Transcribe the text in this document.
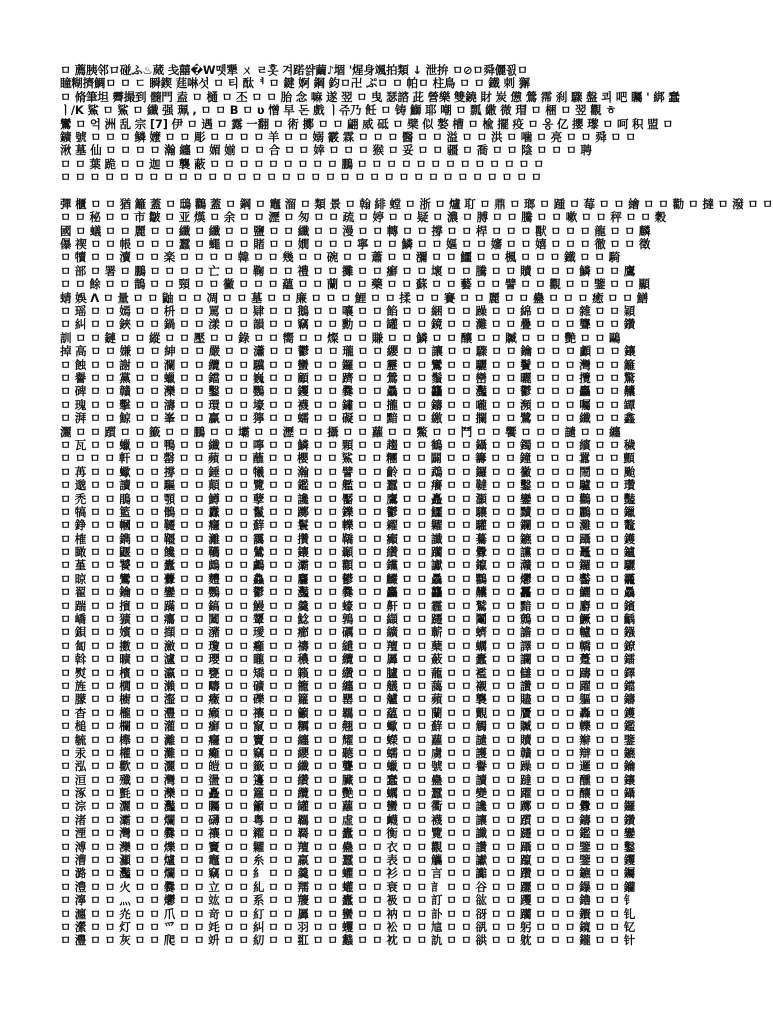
ㅁ 薦胰邻ロ碰ふ♨蒇 戋囍�W뗏犟 ㄨ ㄹ홋 겨蹃쌹繭♪堌 '煋身颯拍類 ↓ 泄拚 ㅁ⊘ㅁ舜儷꾌ㅁ
瞳糊擠鯛ㅁ ㅁ ㄷ 瞬鍥 莛啉섯 ㅁ 티 酞ᅧ ㅁ 鍵 婀 鋼 鈞ㅁ卍 ぷㅁ ㅁ 帕ㅁ 柱鳥 ㅁ ㅁ 鐵 刺 獬
ㅁ 脩筆坦 霽撮到 髓門 盍 ㅁ 樋 ㅁ 丕 ㅁ ㅁ 胎 念 嘛 遂 翌 ㅁ 曳 瑟諮 茈 營樂 雙鐃 財 炭 憊 鶯 霈 刹 驟 盤 쾨 吧 矚 ' 綁 蠢
ㅣ/K 鯊 ㅁ 鯊 ㅁ 纖 强 珮 , ㅁ ㅁ B ㅁ ʋ 憎 早 돈 戲 ㅣ쥬乃 飪 ㅁ 铸 鰤 耶 嘲 ㅁ 瓢 繖 微 瑁 ㅁ 梱 ㅁ 翌 觀 ㅎ
鸞 ㅁ 억 洲 乱 宗 [7] 伊 ㅁ 遇 ㅁ 露 一翻 ㅁ 術 擲 ㅁ ㅁ 翩 威 砥 ㅁ 檗 似 嫯 槽 ㅁ 楡 擺 疫 ㅁ 옹 亿 攖 瓈 ㅁ 呵 积 盟 ㅁ
鑛 號 ㅁ ㅁ ㅁ 鳞 嬤 ㅁ ㅁ 彫 ㅁ ㅁ ㅁ ㅁ 羊 ㅁ ㅁ 嫋 霰 霖 ㅁ ㅁ ㅁ 醫 ㅁ ㅁ 溢 ㅁ ㅁ 洪 ㅁ 噛 ㅁ 亮 ㅁ ㅁ 舜 ㅁ ㅁ
湫 墓 仙 ㅁ ㅁ ㅁ ㅁ 瀚 纏 ㅁ 媚 媊 ㅁ ㅁ 合 ㅁ ㅁ 婞 ㅁ ㅁ ㅁ 猴 ㅁ 妥 ㅁ ㅁ 疆 ㅁ 喬 ㅁ ㅁ 陰 ㅁ ㅁ ㅁ 聘
ㅁ ㅁ 葉 跪 ㅁ ㅁ 迦 ㅁ 襲 蔽 ㅁ ㅁ ㅁ ㅁ ㅁ ㅁ ㅁ ㅁ ㅁ 鵬 ㅁ ㅁ ㅁ ㅁ ㅁ ㅁ ㅁ ㅁ ㅁ ㅁ ㅁ ㅁ ㅁ
ㅁ ㅁ ㅁ ㅁ ㅁ ㅁ ㅁ ㅁ ㅁ ㅁ ㅁ ㅁ ㅁ ㅁ ㅁ ㅁ ㅁ ㅁ ㅁ ㅁ ㅁ ㅁ ㅁ ㅁ ㅁ ㅁ ㅁ ㅁ ㅁ ㅁ ㅁ ㅁ ㅁ
彈 櫃 ㅁ ㅁ 猶 籬 蓋 ㅁ 鴟 鸛 蓋 ㅁ 鋼 ㅁ 竈 溜 ㅁ 類 景 ㅁ 翰 緋 螳 ㅁ 浙 ㅁ 爐 耵 ㅁ 鼎 ㅁ 瑯 ㅁ 踵 ㅁ 莓 ㅁ ㅁ 繪 ㅁ ㅁ 勸 ㅁ 撻 ㅁ 潑 ㅁ ㅁ
ㅁ ㅁ 秘 ㅁ ㅁ 市 皺 ㅁ 亚 熯 ㅁ 余 ㅁ ㅁ 瀝 ㅁ 匆 ㅁ ㅁ 疏 ㅁ 婷 ㅁ ㅁ 疑 ㅁ 濃 ㅁ 膊 ㅁ ㅁ 騰 ㅁ ㅁ 嗽 ㅁ ㅁ 秤 ㅁ ㅁ 穀
國 ㅁ 蟻 ㅁ ㅁ 麗 ㅁ ㅁ 纖 ㅁ 纖 ㅁ ㅁ 鹽 ㅁ ㅁ 纖 ㅁ ㅁ 漫 ㅁ ㅁ 轉 ㅁ ㅁ 撐 ㅁ ㅁ 桿 ㅁ ㅁ ㅁ 獸 ㅁ ㅁ ㅁ 龍 ㅁ ㅁ 麟
儤 禊 ㅁ ㅁ 帳 ㅁ ㅁ ㅁ 蠶 ㅁ 蠅 ㅁ ㅁ 賭 ㅁ ㅁ 嫺 ㅁ ㅁ ㅁ 寧 ㅁ ㅁ 鱗 ㅁ ㅁ 嫗 ㅁ ㅁ 嬸 ㅁ ㅁ 嬉 ㅁ ㅁ ㅁ 徹 ㅁ ㅁ 徵
ㅁ 犢 ㅁ ㅁ 瀆 ㅁ ㅁ 楽 ㅁ ㅁ ㅁ ㅁ 韓 ㅁ ㅁ 幾 ㅁ ㅁ 碗 ㅁ ㅁ 蕭 ㅁ ㅁ 瀰 ㅁ ㅁ 鱷 ㅁ ㅁ 楓 ㅁ ㅁ ㅁ 鐵 ㅁ ㅁ 騎
ㅁ 部 ㅁ 署 ㅁ 鵬 ㅁ ㅁ ㅁ ㅁ 亡 ㅁ ㅁ 鞠 ㅁ ㅁ 禮 ㅁ ㅁ 攤 ㅁ ㅁ 癬 ㅁ ㅁ 壞 ㅁ ㅁ 騰 ㅁ ㅁ 贖 ㅁ ㅁ ㅁ 鱗 ㅁ ㅁ 鷹
ㅁ ㅁ 餘 ㅁ ㅁ 鵲 ㅁ ㅁ 頸 ㅁ ㅁ 黴 ㅁ ㅁ ㅁ 蘊 ㅁ ㅁ 蘭 ㅁ ㅁ 藥 ㅁ ㅁ 蘇 ㅁ ㅁ 藝 ㅁ ㅁ 譬 ㅁ ㅁ 觀 ㅁ ㅁ 鑒 ㅁ ㅁ 顯
蜻 娛 Λ ㅁ 量 ㅁ ㅁ 鼬 ㅁ ㅁ 凋 ㅁ ㅁ 墓 ㅁ ㅁ 廉 ㅁ ㅁ ㅁ 鯉 ㅁ ㅁ 揉 ㅁ ㅁ 賽 ㅁ ㅁ 麗 ㅁ ㅁ 蠱 ㅁ ㅁ ㅁ 癒 ㅁ ㅁ 鱔
ㅁ 瑶 ㅁ ㅁ 嫣 ㅁ ㅁ 枡 ㅁ ㅁ 罵 ㅁ ㅁ 肄 ㅁ ㅁ 鵝 ㅁ ㅁ 嚷 ㅁ ㅁ 餡 ㅁ ㅁ 綑 ㅁ ㅁ 躁 ㅁ ㅁ 綿 ㅁ ㅁ ㅁ 雜 ㅁ ㅁ 穎
ㅁ 糾 ㅁ ㅁ 鋏 ㅁ ㅁ 鍋 ㅁ ㅁ 漾 ㅁ ㅁ 韻 ㅁ ㅁ 竊 ㅁ ㅁ 勳 ㅁ ㅁ 罐 ㅁ ㅁ 鏡 ㅁ ㅁ 灘 ㅁ ㅁ 疊 ㅁ ㅁ ㅁ 聾 ㅁ ㅁ 鑽
訓 ㅁ ㅁ 鏈 ㅁ ㅁ 縱 ㅁ ㅁ 壓 ㅁ ㅁ 錄 ㅁ ㅁ 嚮 ㅁ ㅁ 燦 ㅁ ㅁ 賺 ㅁ ㅁ 鱗 ㅁ ㅁ 釀 ㅁ ㅁ 贓 ㅁ ㅁ ㅁ 艷 ㅁ ㅁ 鷗
掉 高 ㅁ ㅁ 嫌 ㅁ ㅁ 紳 ㅁ ㅁ 嚴 ㅁ ㅁ 瀟 ㅁ ㅁ 鬱 ㅁ ㅁ 瓏 ㅁ ㅁ 纓 ㅁ ㅁ 讓 ㅁ ㅁ 驟 ㅁ ㅁ 鑰 ㅁ ㅁ ㅁ 顱 ㅁ ㅁ 鑲
ㅁ 蝕 ㅁ ㅁ 謝 ㅁ ㅁ 瀾 ㅁ ㅁ 纜 ㅁ ㅁ 驥 ㅁ ㅁ 蠻 ㅁ ㅁ 鑼 ㅁ ㅁ 靂 ㅁ ㅁ 鸞 ㅁ ㅁ 驪 ㅁ ㅁ 鬢 ㅁ ㅁ ㅁ 灣 ㅁ ㅁ 籬
ㅁ 譽 ㅁ ㅁ 黨 ㅁ ㅁ 蠟 ㅁ ㅁ 鐺 ㅁ ㅁ 巍 ㅁ ㅁ 顧 ㅁ ㅁ 躋 ㅁ ㅁ 鶯 ㅁ ㅁ 鬚 ㅁ ㅁ 巒 ㅁ ㅁ 曬 ㅁ ㅁ ㅁ 攬 ㅁ ㅁ 驚
ㅁ 碑 ㅁ ㅁ 贛 ㅁ ㅁ 灤 ㅁ ㅁ 鑿 ㅁ ㅁ 鸚 ㅁ ㅁ 钁 ㅁ ㅁ 爨 ㅁ ㅁ 驫 ㅁ ㅁ 龘 ㅁ ㅁ 灩 ㅁ ㅁ 鬱 ㅁ ㅁ ㅁ 麤 ㅁ ㅁ 齉
ㅁ 瑰 ㅁ ㅁ 擊 ㅁ ㅁ 濤 ㅁ ㅁ 環 ㅁ ㅁ 壕 ㅁ ㅁ 襪 ㅁ ㅁ 鏽 ㅁ ㅁ 攏 ㅁ ㅁ 鑄 ㅁ ㅁ 嚨 ㅁ ㅁ 瀕 ㅁ ㅁ ㅁ 囑 ㅁ ㅁ 罈
ㅁ 湃 ㅁ ㅁ 鯨 ㅁ ㅁ 峯 ㅁ ㅁ 贏 ㅁ ㅁ 獰 ㅁ ㅁ 蠕 ㅁ ㅁ 礙 ㅁ ㅁ 黯 ㅁ ㅁ 繳 ㅁ ㅁ 攔 ㅁ ㅁ 鷺 ㅁ ㅁ ㅁ 纖 ㅁ ㅁ 鑫
灑 ㅁ ㅁ 躓 ㅁ ㅁ 籤 ㅁ ㅁ 鵬 ㅁ ㅁ 壩 ㅁ ㅁ 瀝 ㅁ ㅁ 攝 ㅁ ㅁ 蘿 ㅁ ㅁ 鱉 ㅁ ㅁ 鬥 ㅁ ㅁ 饗 ㅁ ㅁ ㅁ 譴 ㅁ ㅁ 纏
ㅁ 瓦 ㅁ ㅁ 蠟 ㅁ ㅁ 鴨 ㅁ ㅁ 纖 ㅁ ㅁ 嚀 ㅁ ㅁ 鱗 ㅁ ㅁ 顆 ㅁ ㅁ 趨 ㅁ ㅁ 鶴 ㅁ ㅁ 鑷 ㅁ ㅁ 鐲 ㅁ ㅁ ㅁ 繽 ㅁ ㅁ 穢
ㅁ ㅁ ㅁ ㅁ 軒 ㅁ ㅁ 罄 ㅁ ㅁ 蘋 ㅁ ㅁ 蘸 ㅁ ㅁ 櫻 ㅁ ㅁ 鯊 ㅁ ㅁ 糰 ㅁ ㅁ 闢 ㅁ ㅁ 籌 ㅁ ㅁ 鐘 ㅁ ㅁ ㅁ 囂 ㅁ ㅁ 顫
ㅁ 苒 ㅁ ㅁ 蠍 ㅁ ㅁ 撐 ㅁ ㅁ 錘 ㅁ ㅁ 犧 ㅁ ㅁ 瀚 ㅁ ㅁ 譬 ㅁ ㅁ 齡 ㅁ ㅁ 鵡 ㅁ ㅁ 鑼 ㅁ ㅁ 黴 ㅁ ㅁ ㅁ 鬧 ㅁ ㅁ 颱
ㅁ 邈 ㅁ ㅁ 讀 ㅁ ㅁ 驅 ㅁ ㅁ 顛 ㅁ ㅁ 覽 ㅁ ㅁ 鑑 ㅁ ㅁ 艦 ㅁ ㅁ 蠶 ㅁ ㅁ 癢 ㅁ ㅁ 韃 ㅁ ㅁ 鑿 ㅁ ㅁ ㅁ 驢 ㅁ ㅁ 瓚
ㅁ 禿 ㅁ ㅁ 鵑 ㅁ ㅁ 顎 ㅁ ㅁ 鱒 ㅁ ㅁ 孽 ㅁ ㅁ 讒 ㅁ ㅁ 靨 ㅁ ㅁ 鷹 ㅁ ㅁ 矗 ㅁ ㅁ 灝 ㅁ ㅁ 鑾 ㅁ ㅁ ㅁ 鸛 ㅁ ㅁ 豔
ㅁ 犒 ㅁ ㅁ 籃 ㅁ ㅁ 鶻 ㅁ ㅁ 纛 ㅁ ㅁ 鬣 ㅁ ㅁ 躑 ㅁ ㅁ 鑠 ㅁ ㅁ 鬱 ㅁ ㅁ 鱷 ㅁ ㅁ 驤 ㅁ ㅁ 黷 ㅁ ㅁ ㅁ 鸝 ㅁ ㅁ 鑞
ㅁ 錚 ㅁ ㅁ 幗 ㅁ ㅁ 韆 ㅁ ㅁ 癮 ㅁ ㅁ 蘚 ㅁ ㅁ 鬟 ㅁ ㅁ 轢 ㅁ ㅁ 糴 ㅁ ㅁ 糶 ㅁ ㅁ 驩 ㅁ ㅁ 鑭 ㅁ ㅁ ㅁ 灘 ㅁ ㅁ 鼇
ㅁ 榷 ㅁ ㅁ 鐫 ㅁ ㅁ 韁 ㅁ ㅁ 灕 ㅁ ㅁ 靄 ㅁ ㅁ 攢 ㅁ ㅁ 鞽 ㅁ ㅁ 癲 ㅁ ㅁ 讖 ㅁ ㅁ 驀 ㅁ ㅁ 鑣 ㅁ ㅁ ㅁ 躡 ㅁ ㅁ 鑊
ㅁ 瞰 ㅁ ㅁ 鼴 ㅁ ㅁ 饞 ㅁ ㅁ 韉 ㅁ ㅁ 鷥 ㅁ ㅁ 鑲 ㅁ ㅁ 顳 ㅁ ㅁ 纘 ㅁ ㅁ 躪 ㅁ ㅁ 釁 ㅁ ㅁ 讜 ㅁ ㅁ ㅁ 鼉 ㅁ ㅁ 鑪
ㅁ 堇 ㅁ ㅁ 饕 ㅁ ㅁ 蠹 ㅁ ㅁ 鷓 ㅁ ㅁ 鸕 ㅁ ㅁ 灞 ㅁ ㅁ 顴 ㅁ ㅁ 钂 ㅁ ㅁ 讞 ㅁ ㅁ 鑹 ㅁ ㅁ 灨 ㅁ ㅁ ㅁ 鑼 ㅁ ㅁ 驪
ㅁ 晾 ㅁ ㅁ 鸞 ㅁ ㅁ 虋 ㅁ ㅁ 麷 ㅁ ㅁ 鱻 ㅁ ㅁ 麢 ㅁ ㅁ 鬰 ㅁ ㅁ 麣 ㅁ ㅁ 驫 ㅁ ㅁ 鸜 ㅁ ㅁ 爩 ㅁ ㅁ ㅁ 齾 ㅁ ㅁ 龗
ㅁ 翟 ㅁ ㅁ 鑰 ㅁ ㅁ 鑾 ㅁ ㅁ 鸚 ㅁ ㅁ 鬱 ㅁ ㅁ 灩 ㅁ ㅁ 爨 ㅁ ㅁ 麤 ㅁ ㅁ 龘 ㅁ ㅁ 齉 ㅁ ㅁ 靐 ㅁ ㅁ ㅁ 鱺 ㅁ ㅁ 驫
ㅁ 踹 ㅁ ㅁ 擯 ㅁ ㅁ 蹣 ㅁ ㅁ 鎬 ㅁ ㅁ 鰻 ㅁ ㅁ 羹 ㅁ ㅁ 蠔 ㅁ ㅁ 鼾 ㅁ ㅁ 霾 ㅁ ㅁ 鷲 ㅁ ㅁ 黯 ㅁ ㅁ ㅁ 麝 ㅁ ㅁ 鑌
ㅁ 嶠 ㅁ ㅁ 獷 ㅁ ㅁ 癟 ㅁ ㅁ 闔 ㅁ ㅁ 顰 ㅁ ㅁ 鯰 ㅁ ㅁ 鶉 ㅁ ㅁ 纈 ㅁ ㅁ 躚 ㅁ ㅁ 鬮 ㅁ ㅁ 鷯 ㅁ ㅁ ㅁ 鱖 ㅁ ㅁ 齲
ㅁ 鋇 ㅁ ㅁ 嬪 ㅁ ㅁ 擷 ㅁ ㅁ 瀦 ㅁ ㅁ 璦 ㅁ ㅁ 癤 ㅁ ㅁ 礪 ㅁ ㅁ 纊 ㅁ ㅁ 蘄 ㅁ ㅁ 蠐 ㅁ ㅁ 譫 ㅁ ㅁ ㅁ 轤 ㅁ ㅁ 鏹
ㅁ 匐 ㅁ ㅁ 擻 ㅁ ㅁ 瀲 ㅁ ㅁ 瓊 ㅁ ㅁ 癰 ㅁ ㅁ 禱 ㅁ ㅁ 繾 ㅁ ㅁ 羶 ㅁ ㅁ 蘖 ㅁ ㅁ 蠣 ㅁ ㅁ 譯 ㅁ ㅁ ㅁ 轎 ㅁ ㅁ 鐐
ㅁ 斡 ㅁ ㅁ 曠 ㅁ ㅁ 瀘 ㅁ ㅁ 瓔 ㅁ ㅁ 矓 ㅁ ㅁ 穠 ㅁ ㅁ 纜 ㅁ ㅁ 羼 ㅁ ㅁ 蘞 ㅁ ㅁ 蠹 ㅁ ㅁ 讕 ㅁ ㅁ ㅁ 躉 ㅁ ㅁ 鐳
ㅁ 熨 ㅁ ㅁ 檳 ㅁ ㅁ 瀛 ㅁ ㅁ 甕 ㅁ ㅁ 矯 ㅁ ㅁ 籟 ㅁ ㅁ 纘 ㅁ ㅁ 臚 ㅁ ㅁ 蘢 ㅁ ㅁ 襤 ㅁ ㅁ 讎 ㅁ ㅁ ㅁ 躊 ㅁ ㅁ 鐸
ㅁ 旌 ㅁ ㅁ 櫚 ㅁ ㅁ 瀨 ㅁ ㅁ 疇 ㅁ ㅁ 礦 ㅁ ㅁ 籠 ㅁ ㅁ 纏 ㅁ ㅁ 艤 ㅁ ㅁ 藹 ㅁ ㅁ 襯 ㅁ ㅁ 讚 ㅁ ㅁ ㅁ 躍 ㅁ ㅁ 鐺
ㅁ 朦 ㅁ ㅁ 櫥 ㅁ ㅁ 瀣 ㅁ ㅁ 癥 ㅁ ㅁ 礫 ㅁ ㅁ 籮 ㅁ ㅁ 罌 ㅁ ㅁ 艫 ㅁ ㅁ 蘋 ㅁ ㅁ 襲 ㅁ ㅁ 贐 ㅁ ㅁ ㅁ 軀 ㅁ ㅁ 鑄
ㅁ 杳 ㅁ ㅁ 櫳 ㅁ ㅁ 灃 ㅁ ㅁ 癩 ㅁ ㅁ 禳 ㅁ ㅁ 籲 ㅁ ㅁ 羈 ㅁ ㅁ 蘊 ㅁ ㅁ 蘭 ㅁ ㅁ 覿 ㅁ ㅁ 贗 ㅁ ㅁ ㅁ 轟 ㅁ ㅁ 鑊
ㅁ 槌 ㅁ ㅁ 欄 ㅁ ㅁ 灌 ㅁ ㅁ 癬 ㅁ ㅁ 竄 ㅁ ㅁ 糲 ㅁ ㅁ 翹 ㅁ ㅁ 蠍 ㅁ ㅁ 蘚 ㅁ ㅁ 觸 ㅁ ㅁ 贓 ㅁ ㅁ ㅁ 轢 ㅁ ㅁ 鑑
ㅁ 毓 ㅁ ㅁ 櫸 ㅁ ㅁ 灕 ㅁ ㅁ 癮 ㅁ ㅁ 竇 ㅁ ㅁ 纏 ㅁ ㅁ 耀 ㅁ ㅁ 蠑 ㅁ ㅁ 蘿 ㅁ ㅁ 譴 ㅁ ㅁ 贖 ㅁ ㅁ ㅁ 辮 ㅁ ㅁ 鑒
ㅁ 汞 ㅁ ㅁ 權 ㅁ ㅁ 灘 ㅁ ㅁ 癱 ㅁ ㅁ 竊 ㅁ ㅁ 纓 ㅁ ㅁ 聽 ㅁ ㅁ 蠕 ㅁ ㅁ 虜 ㅁ ㅁ 護 ㅁ ㅁ 贛 ㅁ ㅁ ㅁ 辯 ㅁ ㅁ 鑣
ㅁ 泓 ㅁ ㅁ 歡 ㅁ ㅁ 灑 ㅁ ㅁ 皚 ㅁ ㅁ 籤 ㅁ ㅁ 纖 ㅁ ㅁ 聾 ㅁ ㅁ 蠟 ㅁ ㅁ 號 ㅁ ㅁ 譽 ㅁ ㅁ 躁 ㅁ ㅁ ㅁ 邏 ㅁ ㅁ 鑰
ㅁ 洹 ㅁ ㅁ 殲 ㅁ ㅁ 灣 ㅁ ㅁ 盪 ㅁ ㅁ 籩 ㅁ ㅁ 纘 ㅁ ㅁ 臟 ㅁ ㅁ 蠢 ㅁ ㅁ 蠱 ㅁ ㅁ 讀 ㅁ ㅁ 躂 ㅁ ㅁ ㅁ 醺 ㅁ ㅁ 鑲
ㅁ 涿 ㅁ ㅁ 氈 ㅁ ㅁ 灤 ㅁ ㅁ 矗 ㅁ ㅁ 籮 ㅁ ㅁ 纜 ㅁ ㅁ 艷 ㅁ ㅁ 蠣 ㅁ ㅁ 蠶 ㅁ ㅁ 變 ㅁ ㅁ 躍 ㅁ ㅁ ㅁ 釀 ㅁ ㅁ 鑷
ㅁ 淙 ㅁ ㅁ 灑 ㅁ ㅁ 灩 ㅁ ㅁ 矚 ㅁ ㅁ 籲 ㅁ ㅁ 罐 ㅁ ㅁ 蘿 ㅁ ㅁ 蠻 ㅁ ㅁ 衢 ㅁ ㅁ 讒 ㅁ ㅁ 躑 ㅁ ㅁ ㅁ 釁 ㅁ ㅁ 鑼
ㅁ 渚 ㅁ ㅁ 灞 ㅁ ㅁ 爛 ㅁ ㅁ 礴 ㅁ ㅁ 粵 ㅁ ㅁ 羈 ㅁ ㅁ 虛 ㅁ ㅁ 衊 ㅁ ㅁ 襪 ㅁ ㅁ 讓 ㅁ ㅁ 躓 ㅁ ㅁ ㅁ 鑄 ㅁ ㅁ 鑽
ㅁ 湮 ㅁ ㅁ 灣 ㅁ ㅁ 爨 ㅁ ㅁ 禳 ㅁ ㅁ 糴 ㅁ ㅁ 羇 ㅁ ㅁ 蠹 ㅁ ㅁ 衡 ㅁ ㅁ 覽 ㅁ ㅁ 讖 ㅁ ㅁ 躚 ㅁ ㅁ ㅁ 鑑 ㅁ ㅁ 鑾
ㅁ 溥 ㅁ ㅁ 灤 ㅁ ㅁ 爍 ㅁ ㅁ 竇 ㅁ ㅁ 糶 ㅁ ㅁ 羶 ㅁ ㅁ 蠱 ㅁ ㅁ 衣 ㅁ ㅁ 觀 ㅁ ㅁ 讚 ㅁ ㅁ 躡 ㅁ ㅁ ㅁ 鑒 ㅁ ㅁ 鑿
ㅁ 漕 ㅁ ㅁ 灦 ㅁ ㅁ 爐 ㅁ ㅁ 竈 ㅁ ㅁ 糸 ㅁ ㅁ 羸 ㅁ ㅁ 蠶 ㅁ ㅁ 表 ㅁ ㅁ 觿 ㅁ ㅁ 讞 ㅁ ㅁ 躥 ㅁ ㅁ ㅁ 鑒 ㅁ ㅁ 钁
ㅁ 潞 ㅁ ㅁ 灩 ㅁ ㅁ 爛 ㅁ ㅁ 竊 ㅁ ㅁ 糹 ㅁ ㅁ 羹 ㅁ ㅁ 蠷 ㅁ ㅁ 衫 ㅁ ㅁ 言 ㅁ ㅁ 讟 ㅁ ㅁ 躦 ㅁ ㅁ ㅁ 鑣 ㅁ ㅁ 钃
ㅁ 澧 ㅁ ㅁ 火 ㅁ ㅁ 爨 ㅁ ㅁ 立 ㅁ ㅁ 糺 ㅁ ㅁ 羺 ㅁ ㅁ 蠸 ㅁ ㅁ 衰 ㅁ ㅁ 訁 ㅁ ㅁ 谷 ㅁ ㅁ 躧 ㅁ ㅁ ㅁ 鑤 ㅁ ㅁ 钄
ㅁ 濘 ㅁ ㅁ 灬 ㅁ ㅁ 爩 ㅁ ㅁ 竑 ㅁ ㅁ 系 ㅁ ㅁ 羻 ㅁ ㅁ 蠹 ㅁ ㅁ 衱 ㅁ ㅁ 訂 ㅁ ㅁ 谹 ㅁ ㅁ 躩 ㅁ ㅁ ㅁ 鑥 ㅁ ㅁ 钅
ㅁ 瀍 ㅁ ㅁ 灮 ㅁ ㅁ 爪 ㅁ ㅁ 竒 ㅁ ㅁ 糽 ㅁ ㅁ 羼 ㅁ ㅁ 蠻 ㅁ ㅁ 衲 ㅁ ㅁ 訃 ㅁ ㅁ 谺 ㅁ ㅁ 躪 ㅁ ㅁ ㅁ 鑦 ㅁ ㅁ 钆
ㅁ 瀠 ㅁ ㅁ 灯 ㅁ ㅁ 爫 ㅁ ㅁ 竓 ㅁ ㅁ 糾 ㅁ ㅁ 羽 ㅁ ㅁ 蠼 ㅁ ㅁ 衳 ㅁ ㅁ 訄 ㅁ ㅁ 谻 ㅁ ㅁ 躬 ㅁ ㅁ ㅁ 鑧 ㅁ ㅁ 钇
ㅁ 灃 ㅁ ㅁ 灰 ㅁ ㅁ 爬 ㅁ ㅁ 竔 ㅁ ㅁ 糿 ㅁ ㅁ 羾 ㅁ ㅁ 蠽 ㅁ ㅁ 衴 ㅁ ㅁ 訅 ㅁ ㅁ 谼 ㅁ ㅁ 躭 ㅁ ㅁ ㅁ 鑨 ㅁ ㅁ 针
